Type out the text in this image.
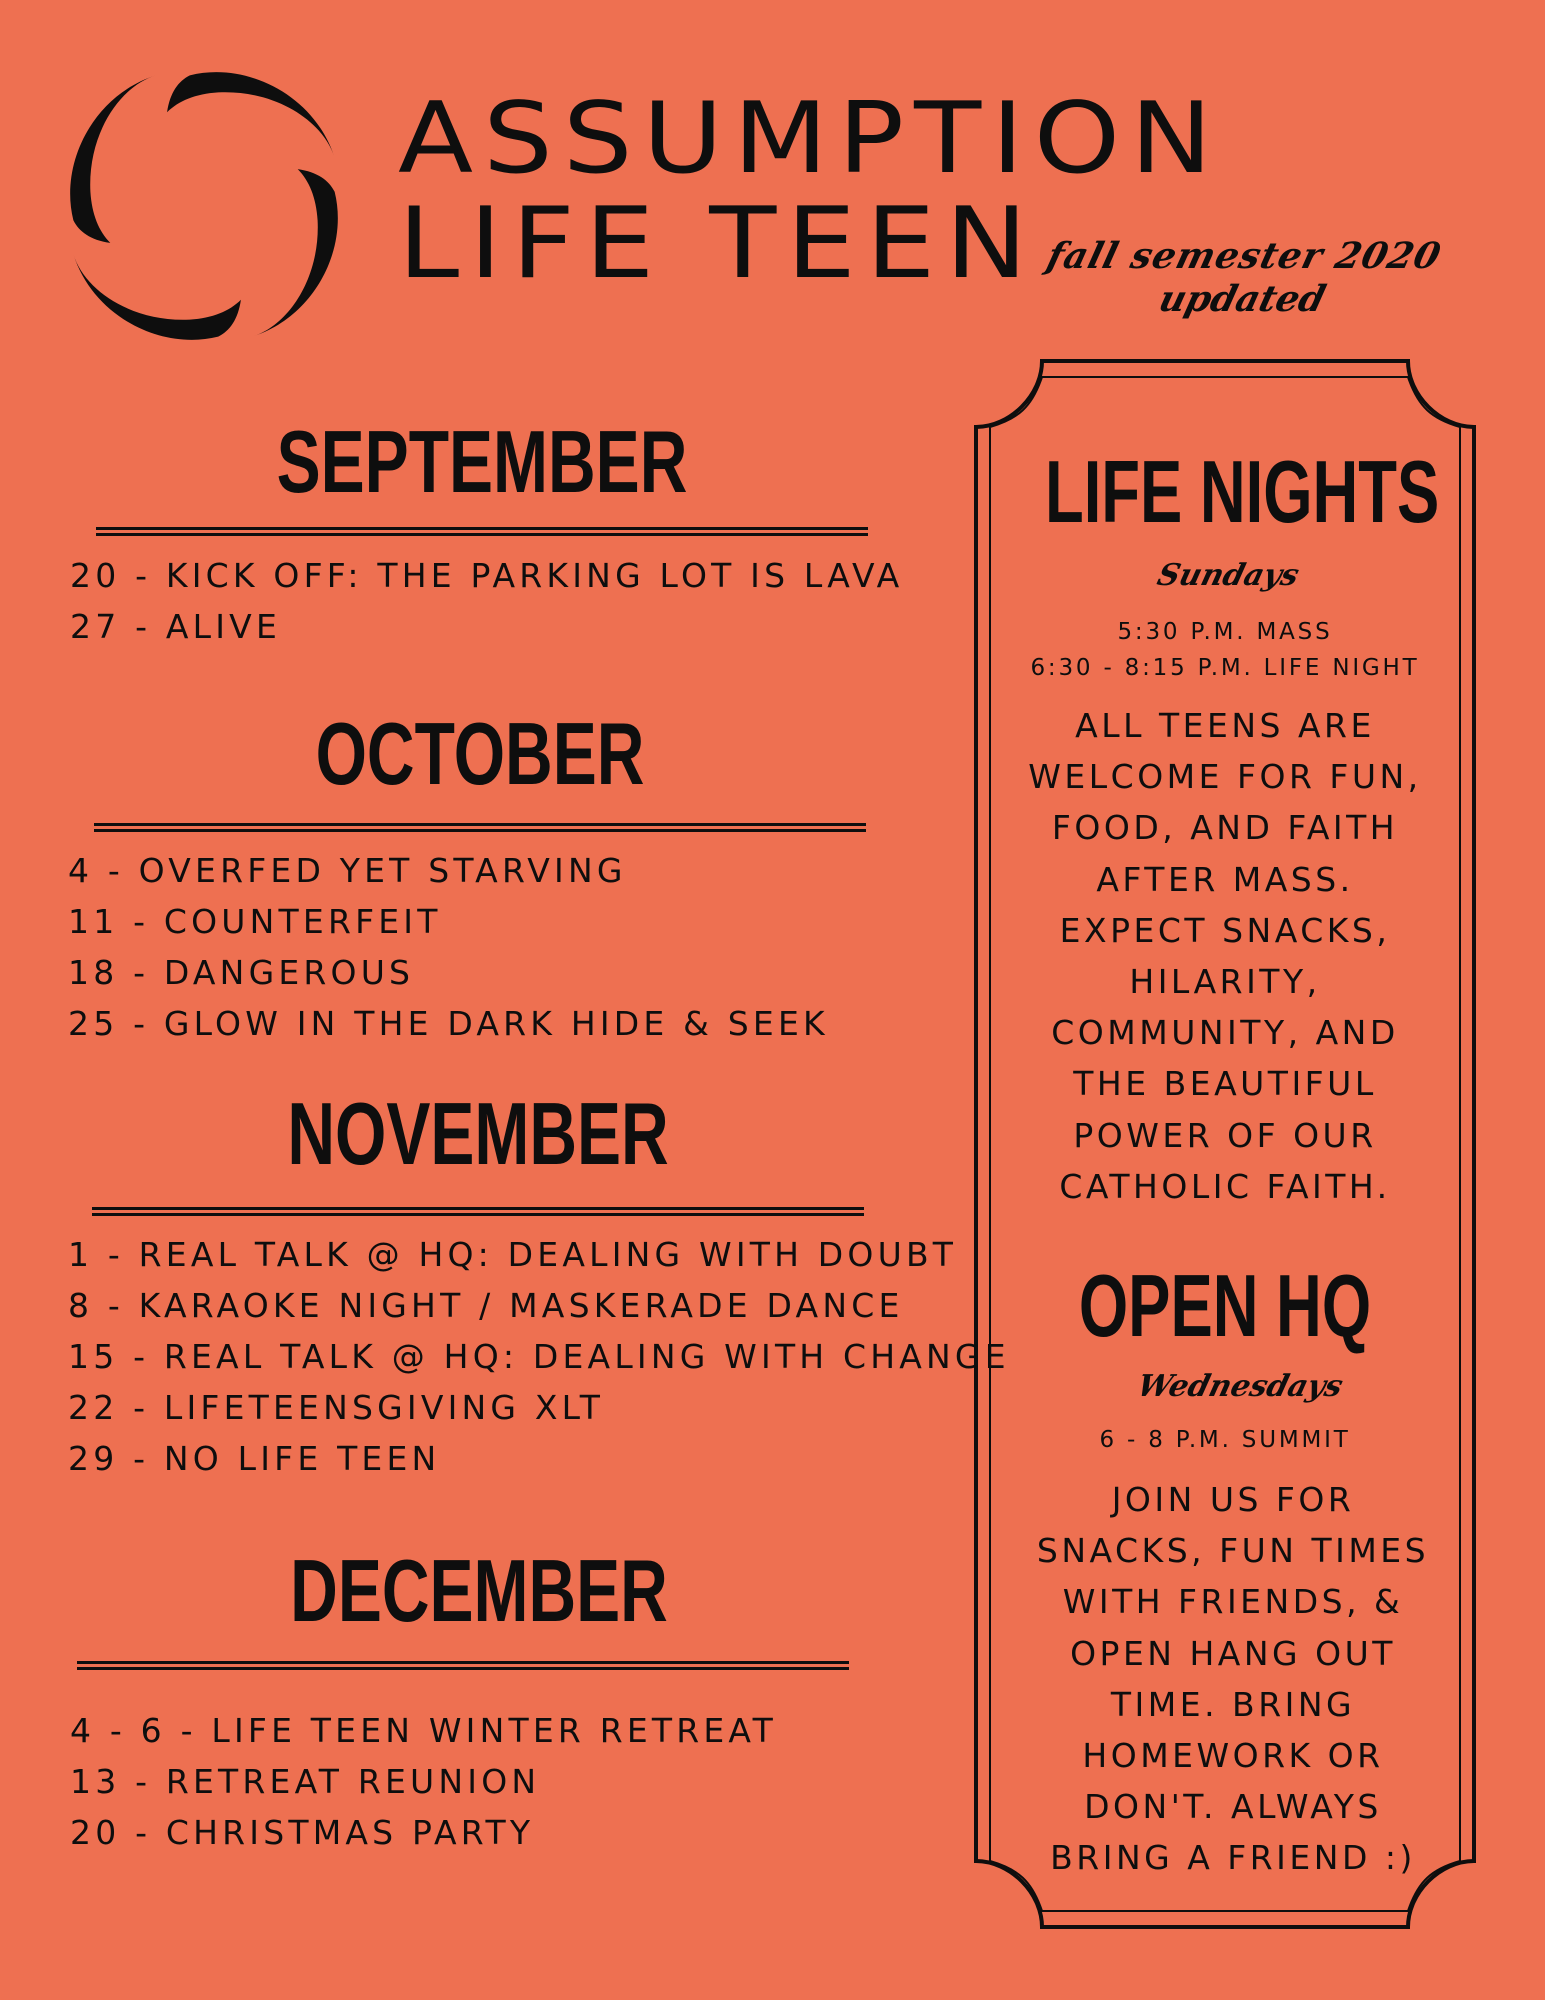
ASSUMPTION
LIFE TEEN fall semester 2020
updated
SEPTEMBER
20 - KICK OFF: THE PARKING LOT IS LAVA
27 - ALIVE
OCTOBER
4 - OVERFED YET STARVING
11 - COUNTERFEIT
18 - DANGEROUS
25 - GLOW IN THE DARK HIDE & SEEK
NOVEMBER
1 - REAL TALK @ HQ: DEALING WITH DOUBT
8 - KARAOKE NIGHT / MASKERADE DANCE
15 - REAL TALK @ HQ: DEALING WITH CHANGE
22 - LIFETEENSGIVING XLT
29 - NO LIFE TEEN
DECEMBER
4 - 6 - LIFE TEEN WINTER RETREAT
13 - RETREAT REUNION
20 - CHRISTMAS PARTY
LIFE NIGHTS
Sundays
5:30 P.M. MASS
6:30 - 8:15 P.M. LIFE NIGHT
ALL TEENS ARE WELCOME FOR FUN, FOOD, AND FAITH AFTER MASS. EXPECT SNACKS, HILARITY, COMMUNITY, AND THE BEAUTIFUL POWER OF OUR CATHOLIC FAITH.
OPEN HQ
Wednesdays
6 - 8 P.M. SUMMIT
JOIN US FOR SNACKS, FUN TIMES WITH FRIENDS, & OPEN HANG OUT TIME. BRING HOMEWORK OR DON'T. ALWAYS BRING A FRIEND :)
